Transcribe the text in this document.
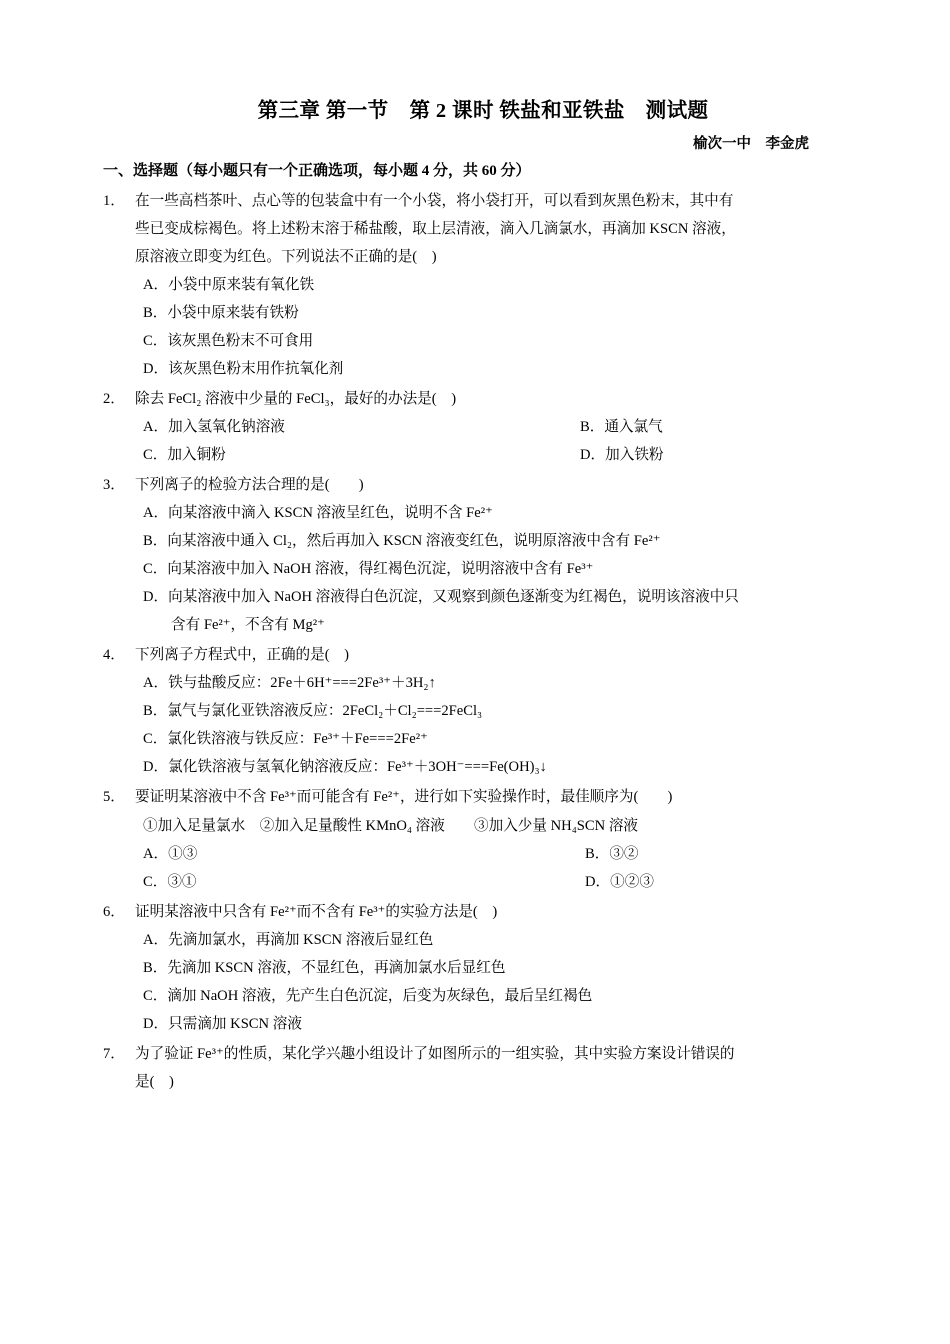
第三章 第一节　第 2 课时 铁盐和亚铁盐　测试题
榆次一中　李金虎
一、选择题（每小题只有一个正确选项，每小题 4 分，共 60 分）
1． 在一些高档茶叶、点心等的包装盒中有一个小袋，将小袋打开，可以看到灰黑色粉末，其中有
些已变成棕褐色。将上述粉末溶于稀盐酸，取上层清液，滴入几滴氯水，再滴加 KSCN 溶液，
原溶液立即变为红色。下列说法不正确的是(　)
A．小袋中原来装有氧化铁
B．小袋中原来装有铁粉
C．该灰黑色粉末不可食用
D．该灰黑色粉末用作抗氧化剂
2． 除去 FeCl₂ 溶液中少量的 FeCl₃，最好的办法是(　)
A．加入氢氧化钠溶液	B．通入氯气
C．加入铜粉	D．加入铁粉
3． 下列离子的检验方法合理的是(　　)
A．向某溶液中滴入 KSCN 溶液呈红色，说明不含 Fe²⁺
B．向某溶液中通入 Cl₂，然后再加入 KSCN 溶液变红色，说明原溶液中含有 Fe²⁺
C．向某溶液中加入 NaOH 溶液，得红褐色沉淀，说明溶液中含有 Fe³⁺
D．向某溶液中加入 NaOH 溶液得白色沉淀，又观察到颜色逐渐变为红褐色，说明该溶液中只
含有 Fe²⁺，不含有 Mg²⁺
4． 下列离子方程式中，正确的是(　)
A．铁与盐酸反应：2Fe＋6H⁺===2Fe³⁺＋3H₂↑
B．氯气与氯化亚铁溶液反应：2FeCl₂＋Cl₂===2FeCl₃
C．氯化铁溶液与铁反应：Fe³⁺＋Fe===2Fe²⁺
D．氯化铁溶液与氢氧化钠溶液反应：Fe³⁺＋3OH⁻===Fe(OH)₃↓
5． 要证明某溶液中不含 Fe³⁺而可能含有 Fe²⁺，进行如下实验操作时，最佳顺序为(　　)
①加入足量氯水　②加入足量酸性 KMnO₄ 溶液　　③加入少量 NH₄SCN 溶液
A．①③	B．③②
C．③①	D．①②③
6． 证明某溶液中只含有 Fe²⁺而不含有 Fe³⁺的实验方法是(　)
A．先滴加氯水，再滴加 KSCN 溶液后显红色
B．先滴加 KSCN 溶液，不显红色，再滴加氯水后显红色
C．滴加 NaOH 溶液，先产生白色沉淀，后变为灰绿色，最后呈红褐色
D．只需滴加 KSCN 溶液
7． 为了验证 Fe³⁺的性质，某化学兴趣小组设计了如图所示的一组实验，其中实验方案设计错误的
是(　)
